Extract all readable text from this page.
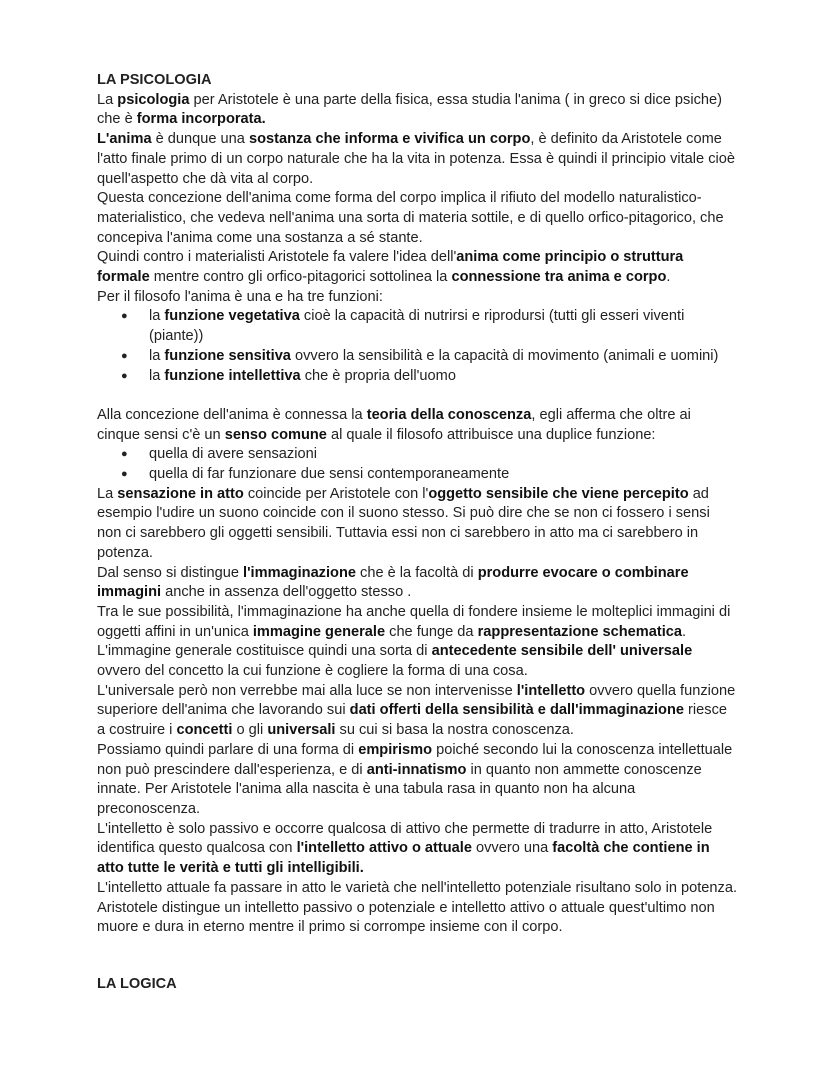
LA PSICOLOGIA

La psicologia per Aristotele è una parte della fisica, essa studia l'anima ( in greco si dice psiche) che è forma incorporata.

L'anima è dunque una sostanza che informa e vivifica un corpo, è definito da Aristotele come l'atto finale primo di un corpo naturale che ha la vita in potenza. Essa è quindi il principio vitale cioè quell'aspetto che dà vita al corpo.

Questa concezione dell'anima come forma del corpo implica il rifiuto del modello naturalistico-materialistico, che vedeva nell'anima una sorta di materia sottile, e di quello orfico-pitagorico, che concepiva l'anima come una sostanza a sé stante.

Quindi contro i materialisti Aristotele fa valere l'idea dell'anima come principio o struttura formale mentre contro gli orfico-pitagorici sottolinea la connessione tra anima e corpo.

Per il filosofo l'anima è una e ha tre funzioni:

● la funzione vegetativa cioè la capacità di nutrirsi e riprodursi (tutti gli esseri viventi (piante))
● la funzione sensitiva ovvero la sensibilità e la capacità di movimento (animali e uomini)
● la funzione intellettiva che è propria dell'uomo

Alla concezione dell'anima è connessa la teoria della conoscenza, egli afferma che oltre ai cinque sensi c'è un senso comune al quale il filosofo attribuisce una duplice funzione:

● quella di avere sensazioni
● quella di far funzionare due sensi contemporaneamente

La sensazione in atto coincide per Aristotele con l'oggetto sensibile che viene percepito ad esempio l'udire un suono coincide con il suono stesso. Si può dire che se non ci fossero i sensi non ci sarebbero gli oggetti sensibili. Tuttavia essi non ci sarebbero in atto ma ci sarebbero in potenza.

Dal senso si distingue l'immaginazione che è la facoltà di produrre evocare o combinare immagini anche in assenza dell'oggetto stesso .

Tra le sue possibilità, l'immaginazione ha anche quella di fondere insieme le molteplici immagini di oggetti affini in un'unica immagine generale che funge da rappresentazione schematica.

L'immagine generale costituisce quindi una sorta di antecedente sensibile dell' universale ovvero del concetto la cui funzione è cogliere la forma di una cosa.

L'universale però non verrebbe mai alla luce se non intervenisse l'intelletto ovvero quella funzione superiore dell'anima che lavorando sui dati offerti della sensibilità e dall'immaginazione riesce a costruire i concetti o gli universali su cui si basa la nostra conoscenza.

Possiamo quindi parlare di una forma di empirismo poiché secondo lui la conoscenza intellettuale non può prescindere dall'esperienza, e di anti-innatismo in quanto non ammette conoscenze innate. Per Aristotele l'anima alla nascita è una tabula rasa in quanto non ha alcuna preconoscenza.

L'intelletto è solo passivo e occorre qualcosa di attivo che permette di tradurre in atto, Aristotele identifica questo qualcosa con l'intelletto attivo o attuale ovvero una facoltà che contiene in atto tutte le verità e tutti gli intelligibili.

L'intelletto attuale fa passare in atto le varietà che nell'intelletto potenziale risultano solo in potenza.

Aristotele distingue un intelletto passivo o potenziale e intelletto attivo o attuale quest'ultimo non muore e dura in eterno mentre il primo si corrompe insieme con il corpo.

LA LOGICA
